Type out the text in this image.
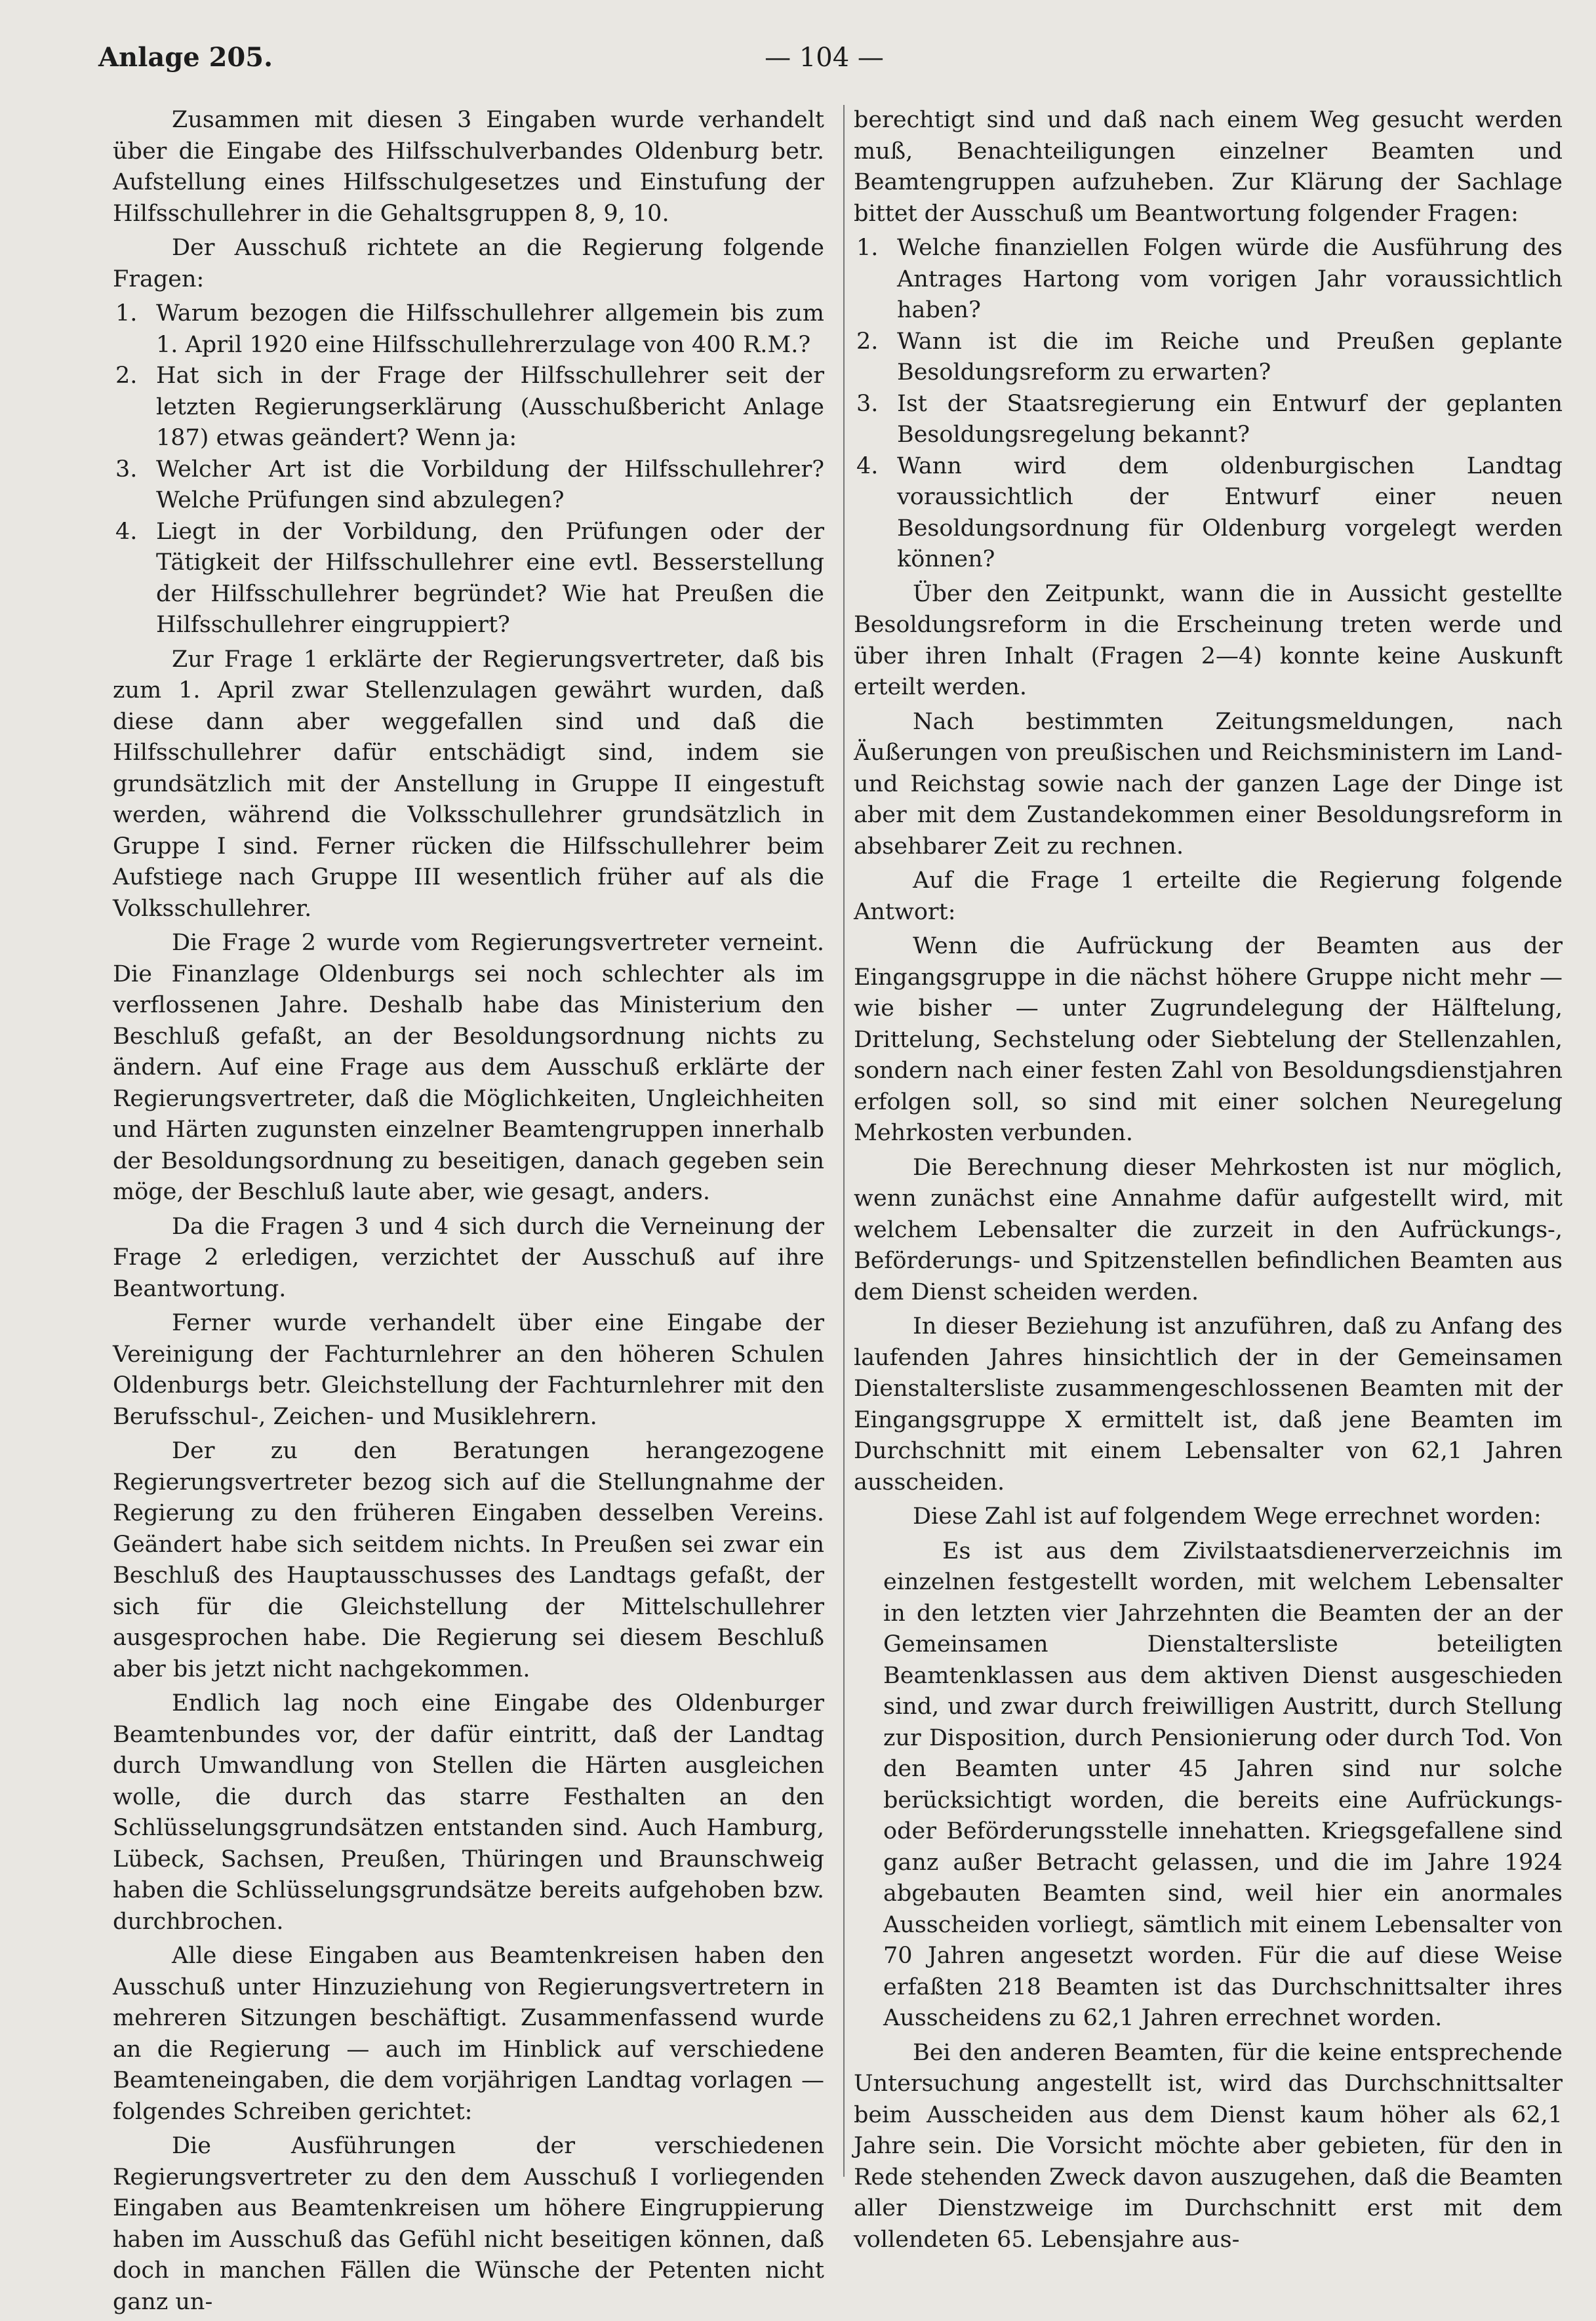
Anlage 205.	— 104 —

Zusammen mit diesen 3 Eingaben wurde verhandelt über die Eingabe des Hilfsschulverbandes Oldenburg betr. Aufstellung eines Hilfsschulgesetzes und Einstufung der Hilfsschullehrer in die Gehaltsgruppen 8, 9, 10.

Der Ausschuß richtete an die Regierung folgende Fragen:

1. Warum bezogen die Hilfsschullehrer allgemein bis zum 1. April 1920 eine Hilfsschullehrerzulage von 400 R.M.?
2. Hat sich in der Frage der Hilfsschullehrer seit der letzten Regierungserklärung (Ausschußbericht Anlage 187) etwas geändert? Wenn ja:
3. Welcher Art ist die Vorbildung der Hilfsschullehrer? Welche Prüfungen sind abzulegen?
4. Liegt in der Vorbildung, den Prüfungen oder der Tätigkeit der Hilfsschullehrer eine evtl. Besserstellung der Hilfsschullehrer begründet? Wie hat Preußen die Hilfsschullehrer eingruppiert?

Zur Frage 1 erklärte der Regierungsvertreter, daß bis zum 1. April zwar Stellenzulagen gewährt wurden, daß diese dann aber weggefallen sind und daß die Hilfsschullehrer dafür entschädigt sind, indem sie grundsätzlich mit der Anstellung in Gruppe II eingestuft werden, während die Volksschullehrer grundsätzlich in Gruppe I sind. Ferner rücken die Hilfsschullehrer beim Aufstiege nach Gruppe III wesentlich früher auf als die Volksschullehrer.

Die Frage 2 wurde vom Regierungsvertreter verneint. Die Finanzlage Oldenburgs sei noch schlechter als im verflossenen Jahre. Deshalb habe das Ministerium den Beschluß gefaßt, an der Besoldungsordnung nichts zu ändern. Auf eine Frage aus dem Ausschuß erklärte der Regierungsvertreter, daß die Möglichkeiten, Ungleichheiten und Härten zugunsten einzelner Beamtengruppen innerhalb der Besoldungsordnung zu beseitigen, danach gegeben sein möge, der Beschluß laute aber, wie gesagt, anders.

Da die Fragen 3 und 4 sich durch die Verneinung der Frage 2 erledigen, verzichtet der Ausschuß auf ihre Beantwortung.

Ferner wurde verhandelt über eine Eingabe der Vereinigung der Fachturnlehrer an den höheren Schulen Oldenburgs betr. Gleichstellung der Fachturnlehrer mit den Berufsschul-, Zeichen- und Musiklehrern.

Der zu den Beratungen herangezogene Regierungsvertreter bezog sich auf die Stellungnahme der Regierung zu den früheren Eingaben desselben Vereins. Geändert habe sich seitdem nichts. In Preußen sei zwar ein Beschluß des Hauptausschusses des Landtags gefaßt, der sich für die Gleichstellung der Mittelschullehrer ausgesprochen habe. Die Regierung sei diesem Beschluß aber bis jetzt nicht nachgekommen.

Endlich lag noch eine Eingabe des Oldenburger Beamtenbundes vor, der dafür eintritt, daß der Landtag durch Umwandlung von Stellen die Härten ausgleichen wolle, die durch das starre Festhalten an den Schlüsselungsgrundsätzen entstanden sind. Auch Hamburg, Lübeck, Sachsen, Preußen, Thüringen und Braunschweig haben die Schlüsselungsgrundsätze bereits aufgehoben bzw. durchbrochen.

Alle diese Eingaben aus Beamtenkreisen haben den Ausschuß unter Hinzuziehung von Regierungsvertretern in mehreren Sitzungen beschäftigt. Zusammenfassend wurde an die Regierung — auch im Hinblick auf verschiedene Beamteneingaben, die dem vorjährigen Landtag vorlagen — folgendes Schreiben gerichtet:

Die Ausführungen der verschiedenen Regierungsvertreter zu den dem Ausschuß I vorliegenden Eingaben aus Beamtenkreisen um höhere Eingruppierung haben im Ausschuß das Gefühl nicht beseitigen können, daß doch in manchen Fällen die Wünsche der Petenten nicht ganz un-

berechtigt sind und daß nach einem Weg gesucht werden muß, Benachteiligungen einzelner Beamten und Beamtengruppen aufzuheben. Zur Klärung der Sachlage bittet der Ausschuß um Beantwortung folgender Fragen:

1. Welche finanziellen Folgen würde die Ausführung des Antrages Hartong vom vorigen Jahr voraussichtlich haben?
2. Wann ist die im Reiche und Preußen geplante Besoldungsreform zu erwarten?
3. Ist der Staatsregierung ein Entwurf der geplanten Besoldungsregelung bekannt?
4. Wann wird dem oldenburgischen Landtag voraussichtlich der Entwurf einer neuen Besoldungsordnung für Oldenburg vorgelegt werden können?

Über den Zeitpunkt, wann die in Aussicht gestellte Besoldungsreform in die Erscheinung treten werde und über ihren Inhalt (Fragen 2—4) konnte keine Auskunft erteilt werden.

Nach bestimmten Zeitungsmeldungen, nach Äußerungen von preußischen und Reichsministern im Land- und Reichstag sowie nach der ganzen Lage der Dinge ist aber mit dem Zustandekommen einer Besoldungsreform in absehbarer Zeit zu rechnen.

Auf die Frage 1 erteilte die Regierung folgende Antwort:

Wenn die Aufrückung der Beamten aus der Eingangsgruppe in die nächst höhere Gruppe nicht mehr — wie bisher — unter Zugrundelegung der Hälftelung, Drittelung, Sechstelung oder Siebtelung der Stellenzahlen, sondern nach einer festen Zahl von Besoldungsdienstjahren erfolgen soll, so sind mit einer solchen Neuregelung Mehrkosten verbunden.

Die Berechnung dieser Mehrkosten ist nur möglich, wenn zunächst eine Annahme dafür aufgestellt wird, mit welchem Lebensalter die zurzeit in den Aufrückungs-, Beförderungs- und Spitzenstellen befindlichen Beamten aus dem Dienst scheiden werden.

In dieser Beziehung ist anzuführen, daß zu Anfang des laufenden Jahres hinsichtlich der in der Gemeinsamen Dienstaltersliste zusammengeschlossenen Beamten mit der Eingangsgruppe X ermittelt ist, daß jene Beamten im Durchschnitt mit einem Lebensalter von 62,1 Jahren ausscheiden.

Diese Zahl ist auf folgendem Wege errechnet worden:

Es ist aus dem Zivilstaatsdienerverzeichnis im einzelnen festgestellt worden, mit welchem Lebensalter in den letzten vier Jahrzehnten die Beamten der an der Gemeinsamen Dienstaltersliste beteiligten Beamtenklassen aus dem aktiven Dienst ausgeschieden sind, und zwar durch freiwilligen Austritt, durch Stellung zur Disposition, durch Pensionierung oder durch Tod. Von den Beamten unter 45 Jahren sind nur solche berücksichtigt worden, die bereits eine Aufrückungs- oder Beförderungsstelle innehatten. Kriegsgefallene sind ganz außer Betracht gelassen, und die im Jahre 1924 abgebauten Beamten sind, weil hier ein anormales Ausscheiden vorliegt, sämtlich mit einem Lebensalter von 70 Jahren angesetzt worden. Für die auf diese Weise erfaßten 218 Beamten ist das Durchschnittsalter ihres Ausscheidens zu 62,1 Jahren errechnet worden.

Bei den anderen Beamten, für die keine entsprechende Untersuchung angestellt ist, wird das Durchschnittsalter beim Ausscheiden aus dem Dienst kaum höher als 62,1 Jahre sein. Die Vorsicht möchte aber gebieten, für den in Rede stehenden Zweck davon auszugehen, daß die Beamten aller Dienstzweige im Durchschnitt erst mit dem vollendeten 65. Lebensjahre aus-
